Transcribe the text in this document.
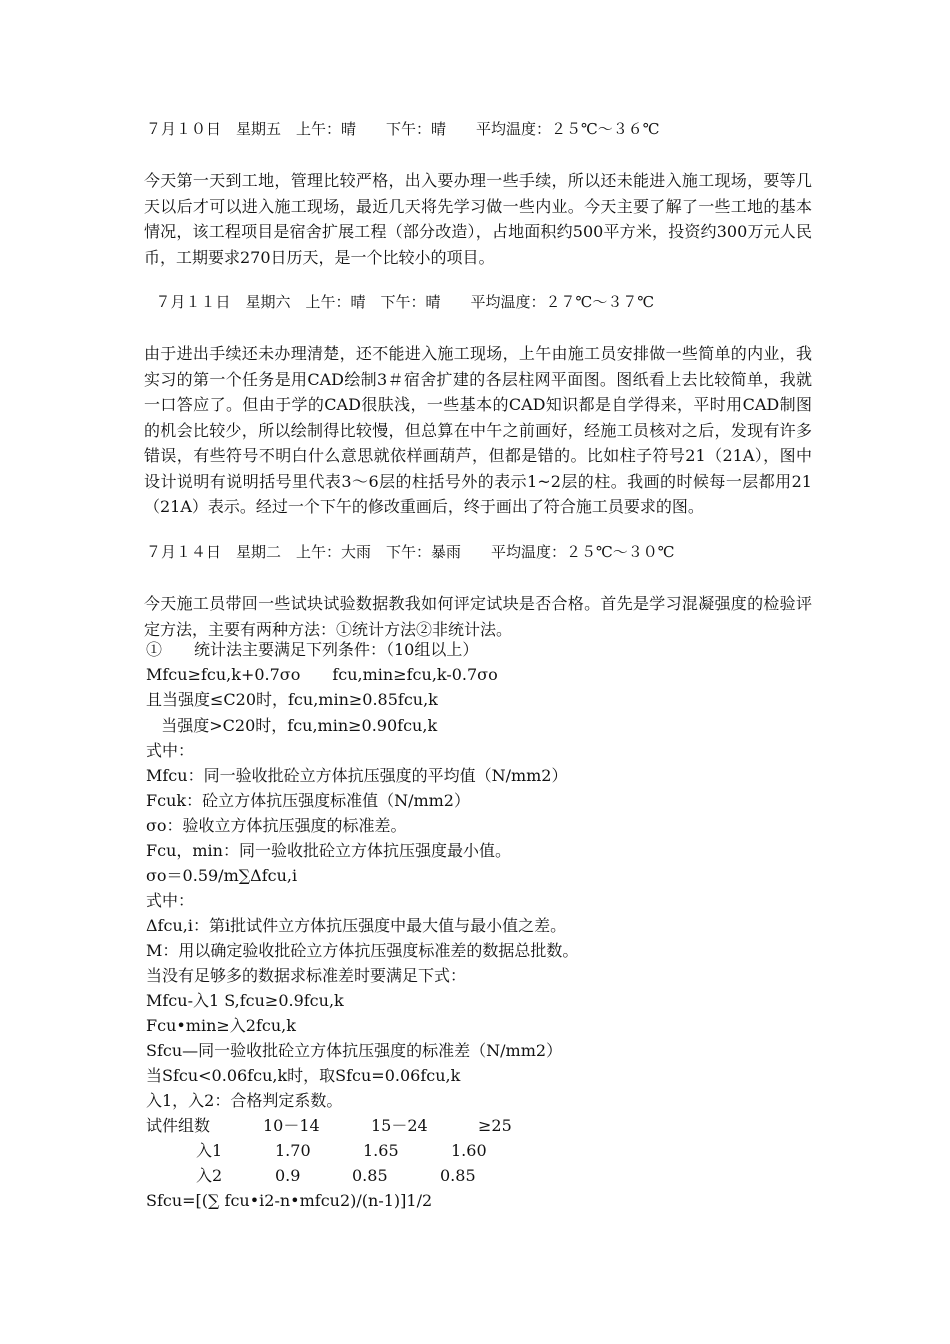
７月１０日　星期五　上午：晴　　下午：晴　　平均温度：２５℃～３６℃
今天第一天到工地，管理比较严格，出入要办理一些手续，所以还未能进入施工现场，要等几天以后才可以进入施工现场，最近几天将先学习做一些内业。今天主要了解了一些工地的基本情况，该工程项目是宿舍扩展工程（部分改造），占地面积约500平方米，投资约300万元人民币，工期要求270日历天，是一个比较小的项目。
７月１１日　星期六　上午：晴　下午：晴　　平均温度：２７℃～３７℃
由于进出手续还未办理清楚，还不能进入施工现场，上午由施工员安排做一些简单的内业，我实习的第一个任务是用CAD绘制3＃宿舍扩建的各层柱网平面图。图纸看上去比较简单，我就一口答应了。但由于学的CAD很肤浅，一些基本的CAD知识都是自学得来，平时用CAD制图的机会比较少，所以绘制得比较慢，但总算在中午之前画好，经施工员核对之后，发现有许多错误，有些符号不明白什么意思就依样画葫芦，但都是错的。比如柱子符号21（21A），图中设计说明有说明括号里代表3～6层的柱括号外的表示1~2层的柱。我画的时候每一层都用21（21A）表示。经过一个下午的修改重画后，终于画出了符合施工员要求的图。
７月１４日　星期二　上午：大雨　下午：暴雨　　平均温度：２５℃～３０℃
今天施工员带回一些试块试验数据教我如何评定试块是否合格。首先是学习混凝强度的检验评定方法，主要有两种方法：①统计方法②非统计法。
①　　统计法主要满足下列条件：（10组以上）
Mfcu≥fcu,k+0.7σo　　fcu,min≥fcu,k-0.7σo
且当强度≤C20时，fcu,min≥0.85fcu,k
当强度>C20时，fcu,min≥0.90fcu,k
式中：
Mfcu：同一验收批砼立方体抗压强度的平均值（N/mm2）
Fcuk：砼立方体抗压强度标准值（N/mm2）
σo：验收立方体抗压强度的标准差。
Fcu，min：同一验收批砼立方体抗压强度最小值。
σo＝0.59/m∑Δfcu,i
式中：
Δfcu,i：第i批试件立方体抗压强度中最大值与最小值之差。
M：用以确定验收批砼立方体抗压强度标准差的数据总批数。
当没有足够多的数据求标准差时要满足下式：
Mfcu-入1 S,fcu≥0.9fcu,k
Fcu•min≥入2fcu,k
Sfcu—同一验收批砼立方体抗压强度的标准差（N/mm2）
当Sfcu<0.06fcu,k时，取Sfcu=0.06fcu,k
入1，入2：合格判定系数。
试件组数	10－14	15－24	≥25
入1	1.70	1.65	1.60
入2	0.9	0.85	0.85
Sfcu=[(∑ fcu•i2-n•mfcu2)/(n-1)]1/2
